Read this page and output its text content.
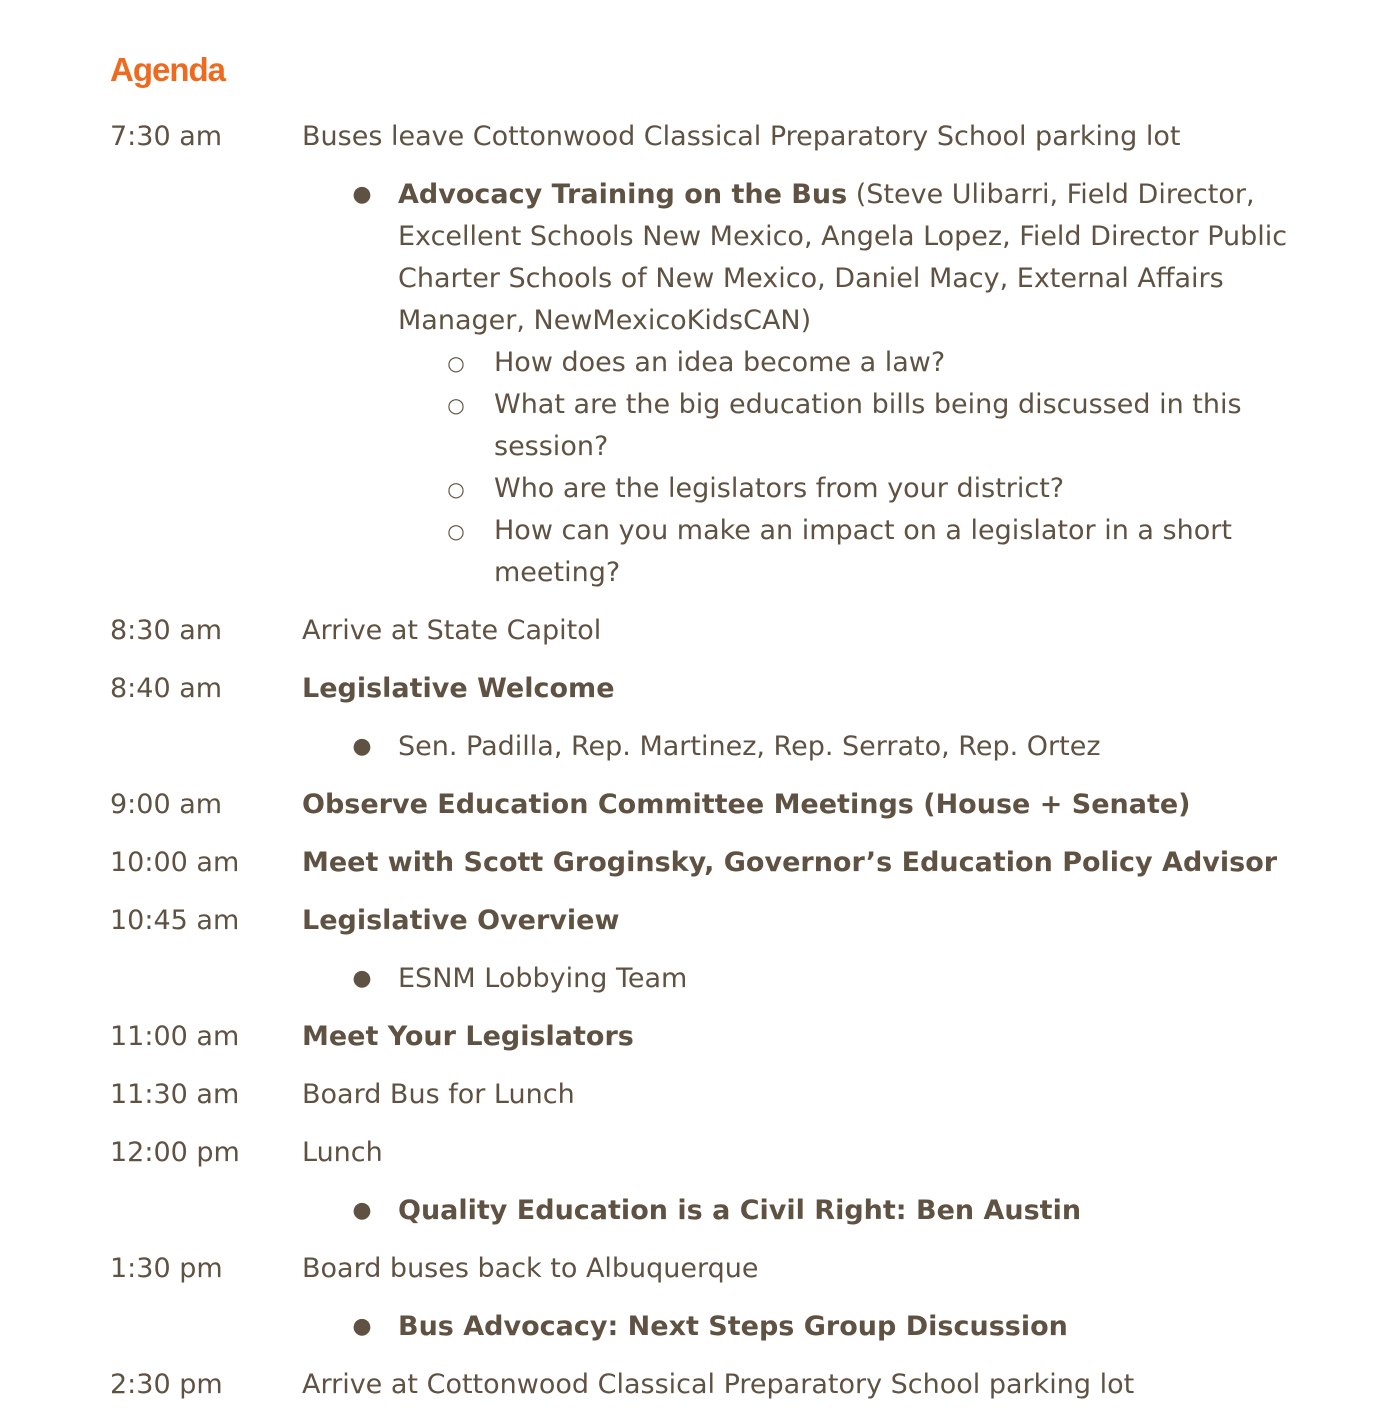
Agenda
7:30 am	Buses leave Cottonwood Classical Preparatory School parking lot
● Advocacy Training on the Bus (Steve Ulibarri, Field Director, Excellent Schools New Mexico, Angela Lopez, Field Director Public Charter Schools of New Mexico, Daniel Macy, External Affairs Manager, NewMexicoKidsCAN)
○ How does an idea become a law?
○ What are the big education bills being discussed in this session?
○ Who are the legislators from your district?
○ How can you make an impact on a legislator in a short meeting?
8:30 am	Arrive at State Capitol
8:40 am	Legislative Welcome
● Sen. Padilla, Rep. Martinez, Rep. Serrato, Rep. Ortez
9:00 am	Observe Education Committee Meetings (House + Senate)
10:00 am Meet with Scott Groginsky, Governor’s Education Policy Advisor
10:45 am Legislative Overview
● ESNM Lobbying Team
11:00 am Meet Your Legislators
11:30 am Board Bus for Lunch
12:00 pm Lunch
● Quality Education is a Civil Right: Ben Austin
1:30 pm	Board buses back to Albuquerque
● Bus Advocacy: Next Steps Group Discussion
2:30 pm	Arrive at Cottonwood Classical Preparatory School parking lot
